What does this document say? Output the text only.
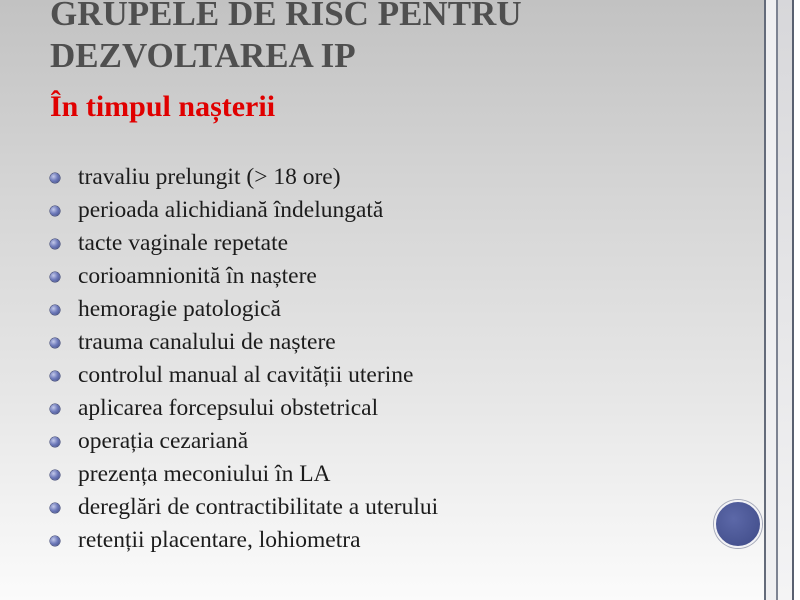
GRUPELE DE RISC PENTRU
DEZVOLTAREA IP
În timpul nașterii
travaliu prelungit (> 18 ore)
perioada alichidiană îndelungată
tacte vaginale repetate
corioamnionită în naștere
hemoragie patologică
trauma canalului de naștere
controlul manual al cavității uterine
aplicarea forcepsului obstetrical
operația cezariană
prezența meconiului în LA
dereglări de contractibilitate a uterului
retenții placentare, lohiometra
